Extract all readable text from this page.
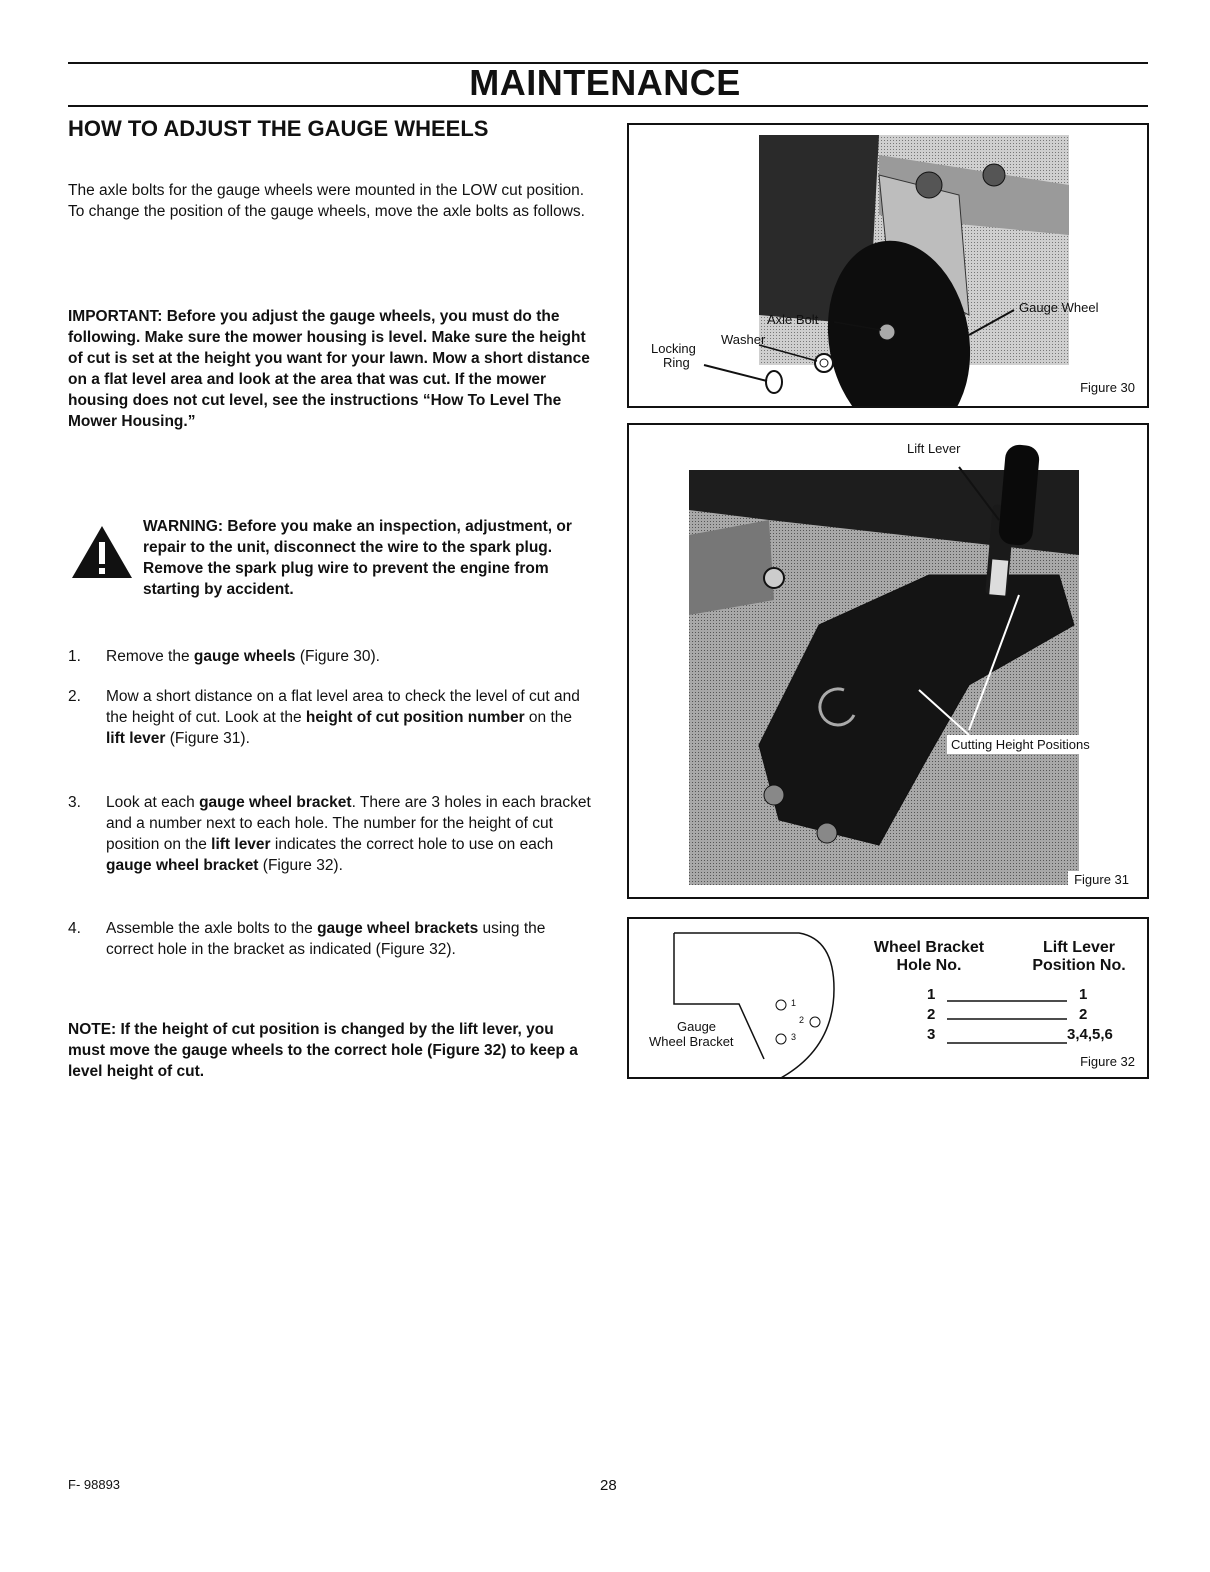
MAINTENANCE
HOW TO ADJUST THE GAUGE WHEELS
The axle bolts for the gauge wheels were mounted in the LOW cut position. To change the position of the gauge wheels, move the axle bolts as follows.
IMPORTANT: Before you adjust the gauge wheels, you must do the following. Make sure the mower housing is level. Make sure the height of cut is set at the height you want for your lawn. Mow a short distance on a flat level area and look at the area that was cut. If the mower housing does not cut level, see the instructions “How To Level The Mower Housing.”
WARNING: Before you make an inspection, adjustment, or repair to the unit, disconnect the wire to the spark plug. Remove the spark plug wire to prevent the engine from starting by accident.
1. Remove the gauge wheels (Figure 30).
2. Mow a short distance on a flat level area to check the level of cut and the height of cut. Look at the height of cut position number on the lift lever (Figure 31).
3. Look at each gauge wheel bracket. There are 3 holes in each bracket and a number next to each hole. The number for the height of cut position on the lift lever indicates the correct hole to use on each gauge wheel bracket (Figure 32).
4. Assemble the axle bolts to the gauge wheel brackets using the correct hole in the bracket as indicated (Figure 32).
NOTE: If the height of cut position is changed by the lift lever, you must move the gauge wheels to the correct hole (Figure 32) to keep a level height of cut.
Axle Bolt
Washer
Locking
Ring
Gauge Wheel
Figure 30
Lift Lever
Cutting Height Positions
Figure 31
1
2
3
Gauge
Wheel Bracket
Wheel Bracket
Hole No.
Lift Lever
Position No.
1	1
2	2
3	3,4,5,6
Figure 32
F- 98893	28
